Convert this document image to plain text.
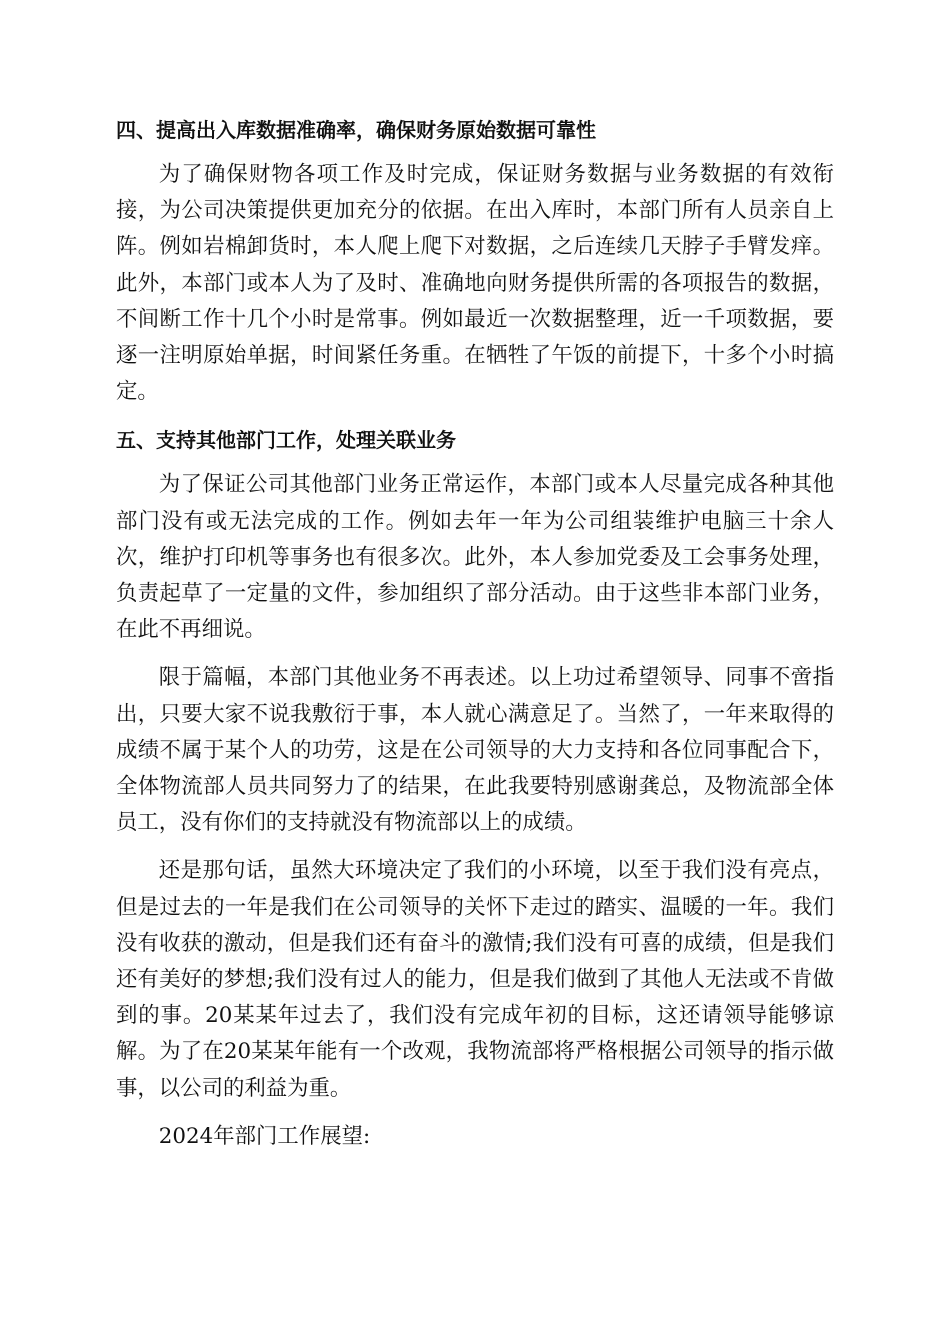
四、提高出入库数据准确率，确保财务原始数据可靠性

为了确保财物各项工作及时完成，保证财务数据与业务数据的有效衔接，为公司决策提供更加充分的依据。在出入库时，本部门所有人员亲自上阵。例如岩棉卸货时，本人爬上爬下对数据，之后连续几天脖子手臂发痒。此外，本部门或本人为了及时、准确地向财务提供所需的各项报告的数据，不间断工作十几个小时是常事。例如最近一次数据整理，近一千项数据，要逐一注明原始单据，时间紧任务重。在牺牲了午饭的前提下，十多个小时搞定。

五、支持其他部门工作，处理关联业务

为了保证公司其他部门业务正常运作，本部门或本人尽量完成各种其他部门没有或无法完成的工作。例如去年一年为公司组装维护电脑三十余人次，维护打印机等事务也有很多次。此外，本人参加党委及工会事务处理，负责起草了一定量的文件，参加组织了部分活动。由于这些非本部门业务，在此不再细说。

限于篇幅，本部门其他业务不再表述。以上功过希望领导、同事不啻指出，只要大家不说我敷衍于事，本人就心满意足了。当然了，一年来取得的成绩不属于某个人的功劳，这是在公司领导的大力支持和各位同事配合下，全体物流部人员共同努力了的结果，在此我要特别感谢龚总，及物流部全体员工，没有你们的支持就没有物流部以上的成绩。

还是那句话，虽然大环境决定了我们的小环境，以至于我们没有亮点，但是过去的一年是我们在公司领导的关怀下走过的踏实、温暖的一年。我们没有收获的激动，但是我们还有奋斗的激情;我们没有可喜的成绩，但是我们还有美好的梦想;我们没有过人的能力，但是我们做到了其他人无法或不肯做到的事。20某某年过去了，我们没有完成年初的目标，这还请领导能够谅解。为了在20某某年能有一个改观，我物流部将严格根据公司领导的指示做事，以公司的利益为重。

2024年部门工作展望:
